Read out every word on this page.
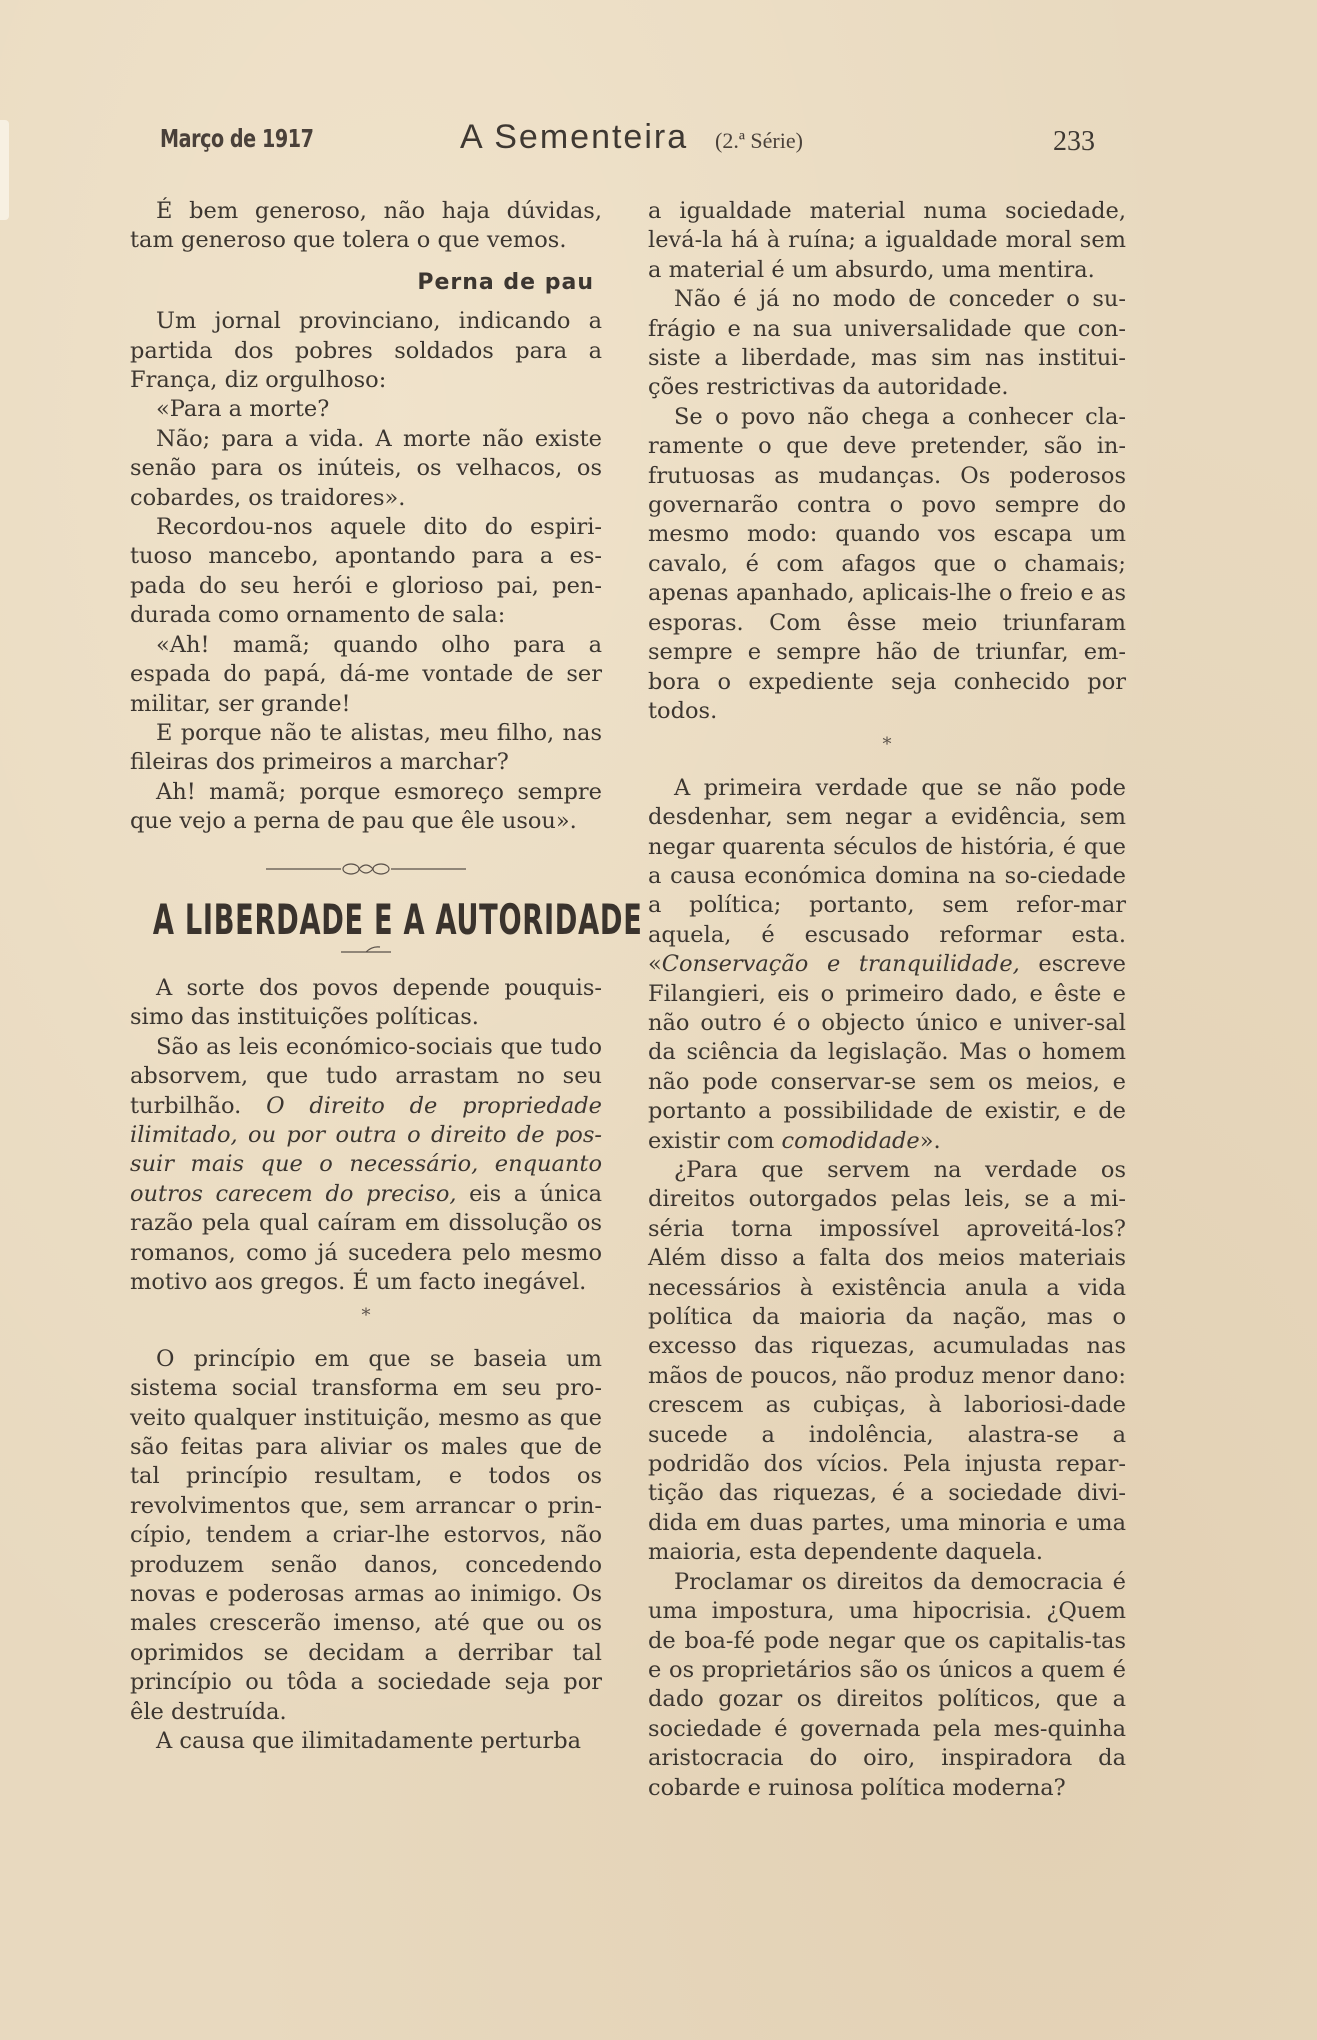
Março de 1917	A Sementeira (2.ª Série)	233

É bem generoso, não haja dúvidas, tam generoso que tolera o que vemos.

Perna de pau

Um jornal provinciano, indicando a partida dos pobres soldados para a França, diz orgulhoso:

«Para a morte?

Não; para a vida. A morte não existe senão para os inúteis, os velhacos, os cobardes, os traidores».

Recordou-nos aquele dito do espiri-tuoso mancebo, apontando para a es-pada do seu herói e glorioso pai, pen-durada como ornamento de sala:

«Ah! mamã; quando olho para a espada do papá, dá-me vontade de ser militar, ser grande!

E porque não te alistas, meu filho, nas fileiras dos primeiros a marchar?

Ah! mamã; porque esmoreço sempre que vejo a perna de pau que êle usou».

A LIBERDADE E A AUTORIDADE

A sorte dos povos depende pouquis-simo das instituições políticas.

São as leis económico-sociais que tudo absorvem, que tudo arrastam no seu turbilhão. O direito de propriedade ilimitado, ou por outra o direito de pos-suir mais que o necessário, enquanto outros carecem do preciso, eis a única razão pela qual caíram em dissolução os romanos, como já sucedera pelo mesmo motivo aos gregos. É um facto inegável.

*

O princípio em que se baseia um sistema social transforma em seu pro-veito qualquer instituição, mesmo as que são feitas para aliviar os males que de tal princípio resultam, e todos os revolvimentos que, sem arrancar o prin-cípio, tendem a criar-lhe estorvos, não produzem senão danos, concedendo novas e poderosas armas ao inimigo. Os males crescerão imenso, até que ou os oprimidos se decidam a derribar tal princípio ou tôda a sociedade seja por êle destruída.

A causa que ilimitadamente perturba

a igualdade material numa sociedade, levá-la há à ruína; a igualdade moral sem a material é um absurdo, uma mentira.

Não é já no modo de conceder o su-frágio e na sua universalidade que con-siste a liberdade, mas sim nas institui-ções restrictivas da autoridade.

Se o povo não chega a conhecer cla-ramente o que deve pretender, são in-frutuosas as mudanças. Os poderosos governarão contra o povo sempre do mesmo modo: quando vos escapa um cavalo, é com afagos que o chamais; apenas apanhado, aplicais-lhe o freio e as esporas. Com êsse meio triunfaram sempre e sempre hão de triunfar, em-bora o expediente seja conhecido por todos.

*

A primeira verdade que se não pode desdenhar, sem negar a evidência, sem negar quarenta séculos de história, é que a causa económica domina na so-ciedade a política; portanto, sem refor-mar aquela, é escusado reformar esta. «Conservação e tranquilidade, escreve Filangieri, eis o primeiro dado, e êste e não outro é o objecto único e univer-sal da sciência da legislação. Mas o homem não pode conservar-se sem os meios, e portanto a possibilidade de existir, e de existir com comodidade».

¿Para que servem na verdade os direitos outorgados pelas leis, se a mi-séria torna impossível aproveitá-los? Além disso a falta dos meios materiais necessários à existência anula a vida política da maioria da nação, mas o excesso das riquezas, acumuladas nas mãos de poucos, não produz menor dano: crescem as cubiças, à laboriosi-dade sucede a indolência, alastra-se a podridão dos vícios. Pela injusta repar-tição das riquezas, é a sociedade divi-dida em duas partes, uma minoria e uma maioria, esta dependente daquela.

Proclamar os direitos da democracia é uma impostura, uma hipocrisia. ¿Quem de boa-fé pode negar que os capitalis-tas e os proprietários são os únicos a quem é dado gozar os direitos políticos, que a sociedade é governada pela mes-quinha aristocracia do oiro, inspiradora da cobarde e ruinosa política moderna?
